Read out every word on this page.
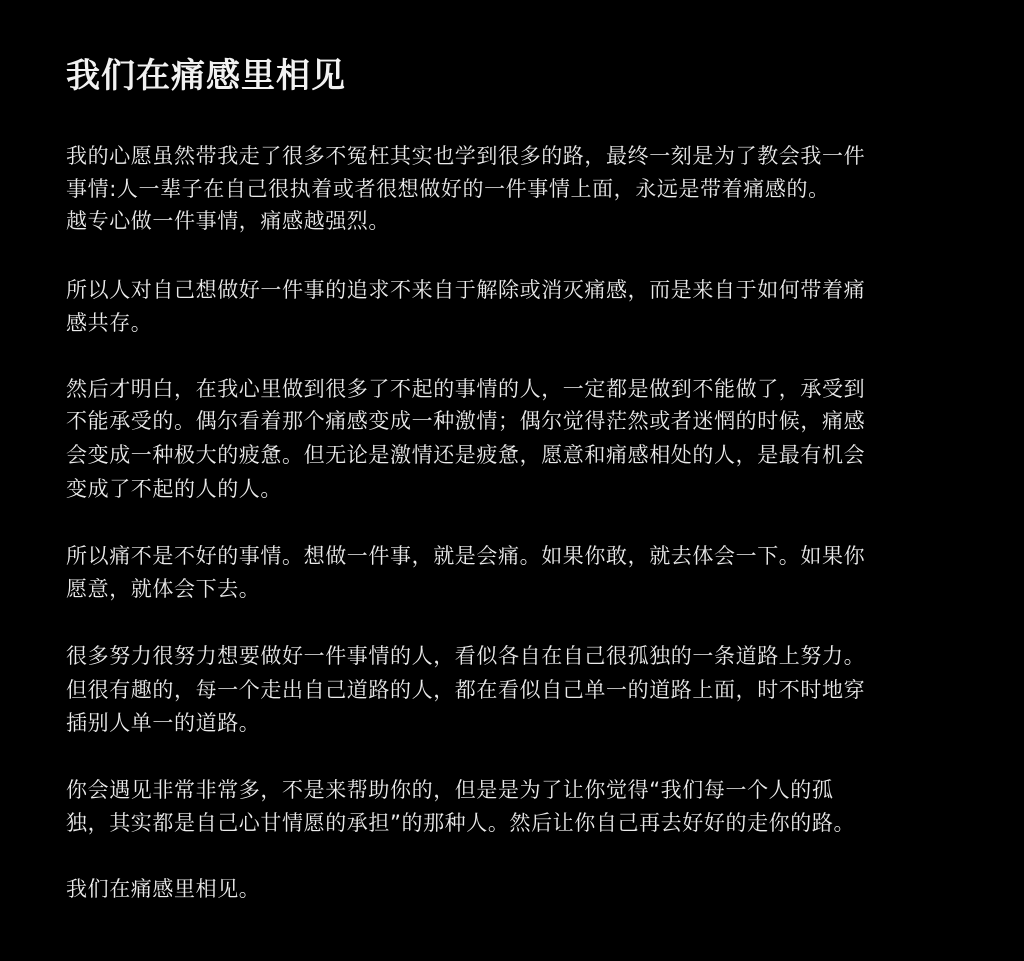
我们在痛感里相见
我的心愿虽然带我走了很多不冤枉其实也学到很多的路，最终一刻是为了教会我一件
事情:人一辈子在自己很执着或者很想做好的一件事情上面，永远是带着痛感的。
越专心做一件事情，痛感越强烈。
所以人对自己想做好一件事的追求不来自于解除或消灭痛感，而是来自于如何带着痛
感共存。
然后才明白，在我心里做到很多了不起的事情的人，一定都是做到不能做了，承受到
不能承受的。偶尔看着那个痛感变成一种激情；偶尔觉得茫然或者迷惘的时候，痛感
会变成一种极大的疲惫。但无论是激情还是疲惫，愿意和痛感相处的人，是最有机会
变成了不起的人的人。
所以痛不是不好的事情。想做一件事，就是会痛。如果你敢，就去体会一下。如果你
愿意，就体会下去。
很多努力很努力想要做好一件事情的人，看似各自在自己很孤独的一条道路上努力。
但很有趣的，每一个走出自己道路的人，都在看似自己单一的道路上面，时不时地穿
插别人单一的道路。
你会遇见非常非常多，不是来帮助你的，但是是为了让你觉得“我们每一个人的孤
独，其实都是自己心甘情愿的承担”的那种人。然后让你自己再去好好的走你的路。
我们在痛感里相见。
